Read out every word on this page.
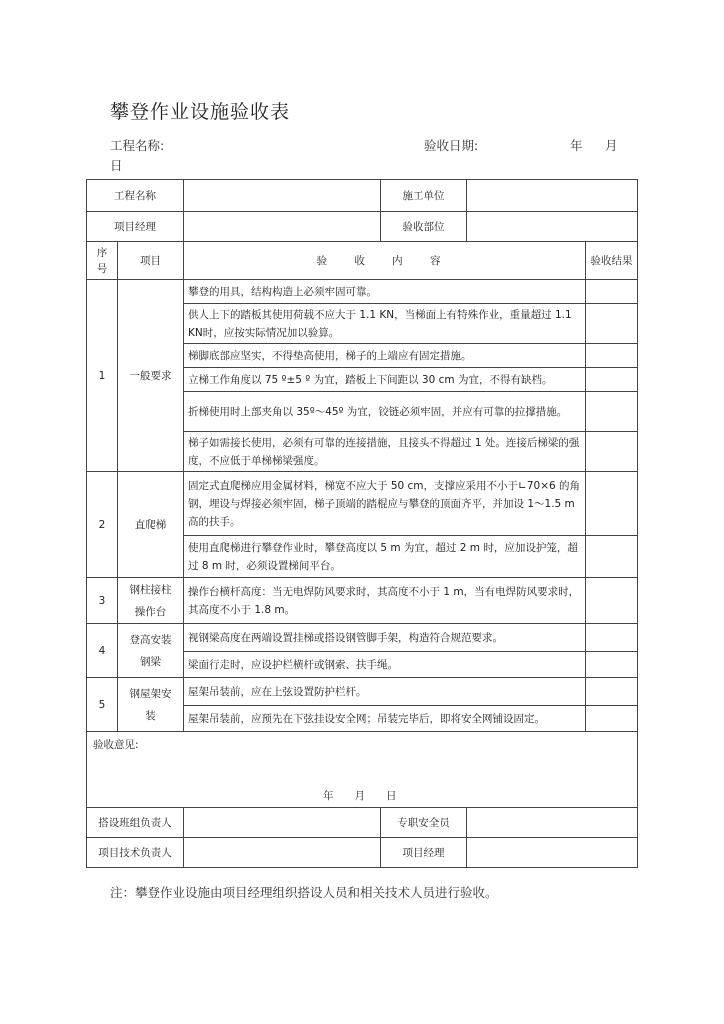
攀登作业设施验收表
工程名称:	验收日期:	年 月
日
工程名称			施工单位		
项目经理			验收部位		
序号	项目	验 收 内 容			验收结果
1	一般要求	攀登的用具，结构构造上必须牢固可靠。			
		供人上下的踏板其使用荷载不应大于 1.1 KN，当梯面上有特殊作业，重量超过 1.1 KN时，应按实际情况加以验算。			
		梯脚底部应坚实，不得垫高使用，梯子的上端应有固定措施。			
		立梯工作角度以 75 º±5 º 为宜，踏板上下间距以 30 cm 为宜，不得有缺档。			
		折梯使用时上部夹角以 35º～45º 为宜，铰链必须牢固，并应有可靠的拉撑措施。			
		梯子如需接长使用，必须有可靠的连接措施，且接头不得超过 1 处。连接后梯梁的强度，不应低于单梯梯梁强度。			
2	直爬梯	固定式直爬梯应用金属材料，梯宽不应大于 50 cm，支撑应采用不小于∟70×6 的角钢，埋设与焊接必须牢固，梯子顶端的踏棍应与攀登的顶面齐平，并加设 1～1.5 m 高的扶手。			
		使用直爬梯进行攀登作业时，攀登高度以 5 m 为宜，超过 2 m 时，应加设护笼，超过 8 m 时，必须设置梯间平台。			
3	钢柱接柱操作台	操作台横杆高度：当无电焊防风要求时，其高度不小于 1 m，当有电焊防风要求时，其高度不小于 1.8 m。			
4	登高安装钢梁	视钢梁高度在两端设置挂梯或搭设钢管脚手架，构造符合规范要求。			
		梁面行走时，应设护栏横杆或钢索、扶手绳。			
5	钢屋架安装	屋架吊装前，应在上弦设置防护栏杆。			
		屋架吊装前，应预先在下弦挂设安全网；吊装完毕后，即将安全网铺设固定。			

验收意见:
年　　月　　日					

搭设班组负责人			专职安全员		
项目技术负责人			项目经理		
注：攀登作业设施由项目经理组织搭设人员和相关技术人员进行验收。
